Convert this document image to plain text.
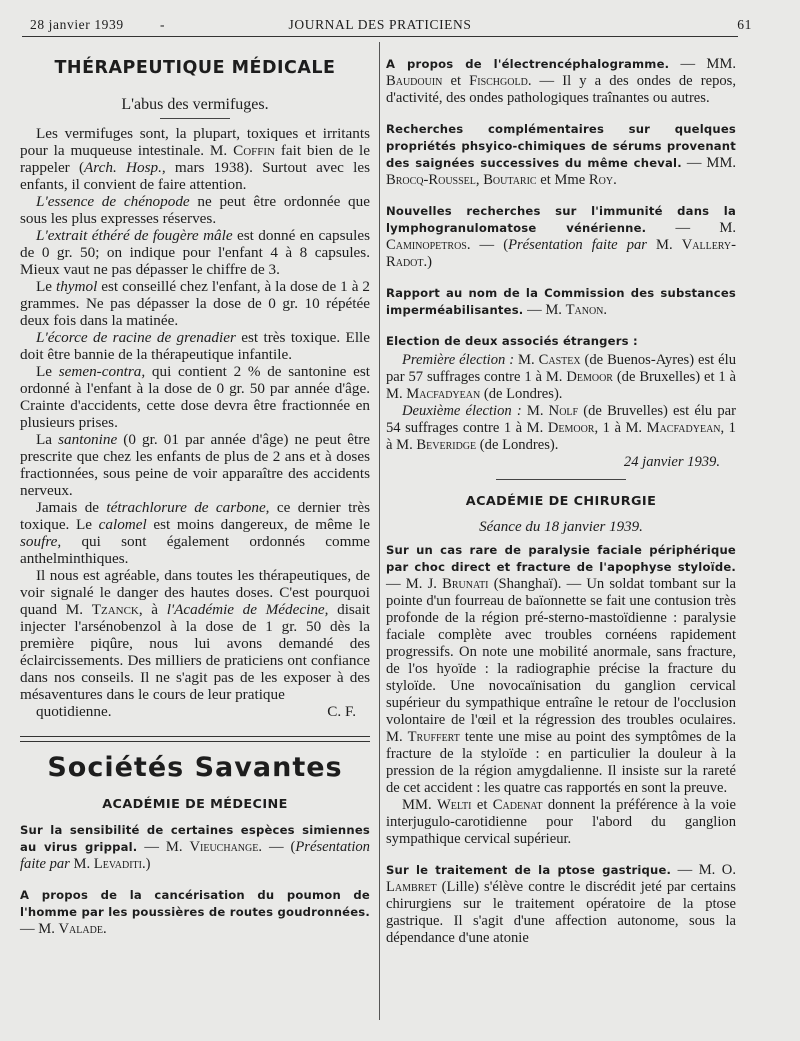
28 janvier 1939	-	JOURNAL DES PRATICIENS	61
THÉRAPEUTIQUE MÉDICALE
L'abus des vermifuges.

Les vermifuges sont, la plupart, toxiques et irritants pour la muqueuse intestinale. M. Coffin fait bien de le rappeler (Arch. Hosp., mars 1938). Surtout avec les enfants, il convient de faire attention.

L'essence de chénopode ne peut être ordonnée que sous les plus expresses réserves.

L'extrait éthéré de fougère mâle est donné en capsules de 0 gr. 50; on indique pour l'enfant 4 à 8 capsules. Mieux vaut ne pas dépasser le chiffre de 3.

Le thymol est conseillé chez l'enfant, à la dose de 1 à 2 grammes. Ne pas dépasser la dose de 0 gr. 10 répétée deux fois dans la matinée.

L'écorce de racine de grenadier est très toxique. Elle doit être bannie de la thérapeutique infantile.

Le semen-contra, qui contient 2 % de santonine est ordonné à l'enfant à la dose de 0 gr. 50 par année d'âge. Crainte d'accidents, cette dose devra être fractionnée en plusieurs prises.

La santonine (0 gr. 01 par année d'âge) ne peut être prescrite que chez les enfants de plus de 2 ans et à doses fractionnées, sous peine de voir apparaître des accidents nerveux.

Jamais de tétrachlorure de carbone, ce dernier très toxique. Le calomel est moins dangereux, de même le soufre, qui sont également ordonnés comme anthelminthiques.

Il nous est agréable, dans toutes les thérapeutiques, de voir signalé le danger des hautes doses. C'est pourquoi quand M. Tzanck, à l'Académie de Médecine, disait injecter l'arsénobenzol à la dose de 1 gr. 50 dès la première piqûre, nous lui avons demandé des éclaircissements. Des milliers de praticiens ont confiance dans nos conseils. Il ne s'agit pas de les exposer à des mésaventures dans le cours de leur pratique

quotidienne.	C. F.

Sociétés Savantes
ACADÉMIE DE MÉDECINE
Sur la sensibilité de certaines espèces simiennes au virus grippal. — M. Vieuchange. — (Présentation faite par M. Levaditi.)
A propos de la cancérisation du poumon de l'homme par les poussières de routes goudronnées. — M. Valade.
A propos de l'électrencéphalogramme. — MM. Baudouin et Fischgold. — Il y a des ondes de repos, d'activité, des ondes pathologiques traînantes ou autres.
Recherches complémentaires sur quelques propriétés phsyico-chimiques de sérums provenant des saignées successives du même cheval. — MM. Brocq-Roussel, Boutaric et Mme Roy.
Nouvelles recherches sur l'immunité dans la lymphogranulomatose vénérienne. — M. Caminopetros. — (Présentation faite par M. Vallery-Radot.)
Rapport au nom de la Commission des substances imperméabilisantes. — M. Tanon.
Election de deux associés étrangers :

Première élection : M. Castex (de Buenos-Ayres) est élu par 57 suffrages contre 1 à M. Demoor (de Bruxelles) et 1 à M. Macfadyean (de Londres).

Deuxième élection : M. Nolf (de Bruvelles) est élu par 54 suffrages contre 1 à M. Demoor, 1 à M. Macfadyean, 1 à M. Beveridge (de Londres).

24 janvier 1939.

ACADÉMIE DE CHIRURGIE
Séance du 18 janvier 1939.
Sur un cas rare de paralysie faciale périphérique par choc direct et fracture de l'apophyse styloïde. — M. J. Brunati (Shanghaï). — Un soldat tombant sur la pointe d'un fourreau de baïonnette se fait une contusion très profonde de la région pré-sterno-mastoïdienne : paralysie faciale complète avec troubles cornéens rapidement progressifs. On note une mobilité anormale, sans fracture, de l'os hyoïde : la radiographie précise la fracture du styloïde. Une novocaïnisation du ganglion cervical supérieur du sympathique entraîne le retour de l'occlusion volontaire de l'œil et la régression des troubles oculaires. M. Truffert tente une mise au point des symptômes de la fracture de la styloïde : en particulier la douleur à la pression de la région amygdalienne. Il insiste sur la rareté de cet accident : les quatre cas rapportés en sont la preuve.

MM. Welti et Cadenat donnent la préférence à la voie interjugulo-carotidienne pour l'abord du ganglion sympathique cervical supérieur.

Sur le traitement de la ptose gastrique. — M. O. Lambret (Lille) s'élève contre le discrédit jeté par certains chirurgiens sur le traitement opératoire de la ptose gastrique. Il s'agit d'une affection autonome, sous la dépendance d'une atonie
